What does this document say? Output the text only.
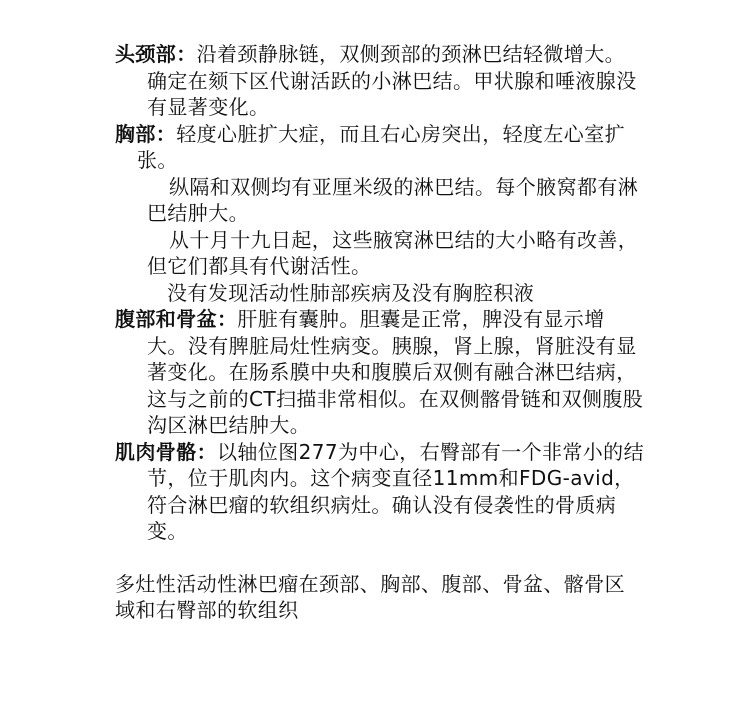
头颈部：沿着颈静脉链，双侧颈部的颈淋巴结轻微增大。确定在颏下区代谢活跃的小淋巴结。甲状腺和唾液腺没有显著变化。

胸部：轻度心脏扩大症，而且右心房突出，轻度左心室扩张。

纵隔和双侧均有亚厘米级的淋巴结。每个腋窝都有淋巴结肿大。

从十月十九日起，这些腋窝淋巴结的大小略有改善，但它们都具有代谢活性。

没有发现活动性肺部疾病及没有胸腔积液

腹部和骨盆：肝脏有囊肿。胆囊是正常，脾没有显示增大。没有脾脏局灶性病变。胰腺，肾上腺，肾脏没有显著变化。在肠系膜中央和腹膜后双侧有融合淋巴结病，这与之前的CT扫描非常相似。在双侧髂骨链和双侧腹股沟区淋巴结肿大。

肌肉骨骼：以轴位图277为中心，右臀部有一个非常小的结节，位于肌肉内。这个病变直径11mm和FDG-avid，符合淋巴瘤的软组织病灶。确认没有侵袭性的骨质病变。

多灶性活动性淋巴瘤在颈部、胸部、腹部、骨盆、髂骨区域和右臀部的软组织
